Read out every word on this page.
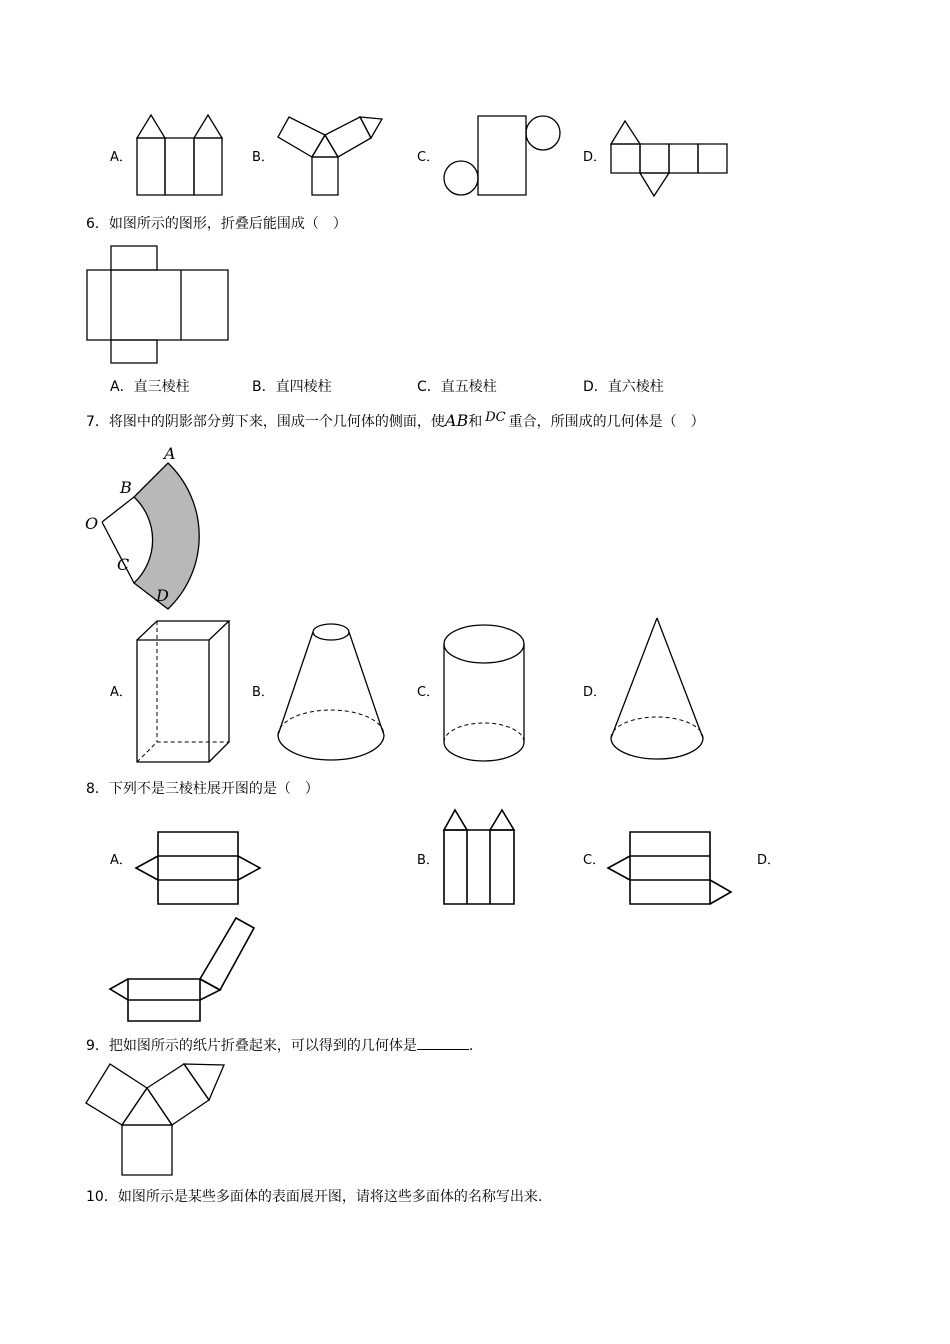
A．	B．	C．	D．
6．如图所示的图形，折叠后能围成（　）
A．直三棱柱	B．直四棱柱	C．直五棱柱	D．直六棱柱
7．将图中的阴影部分剪下来，围成一个几何体的侧面，使AB和 DC 重合，所围成的几何体是（　）
A
B
O
C
D
A．	B．	C．	D．
8．下列不是三棱柱展开图的是（　）
A．	B．	C．	D．
9．把如图所示的纸片折叠起来，可以得到的几何体是	.
10．如图所示是某些多面体的表面展开图，请将这些多面体的名称写出来.
